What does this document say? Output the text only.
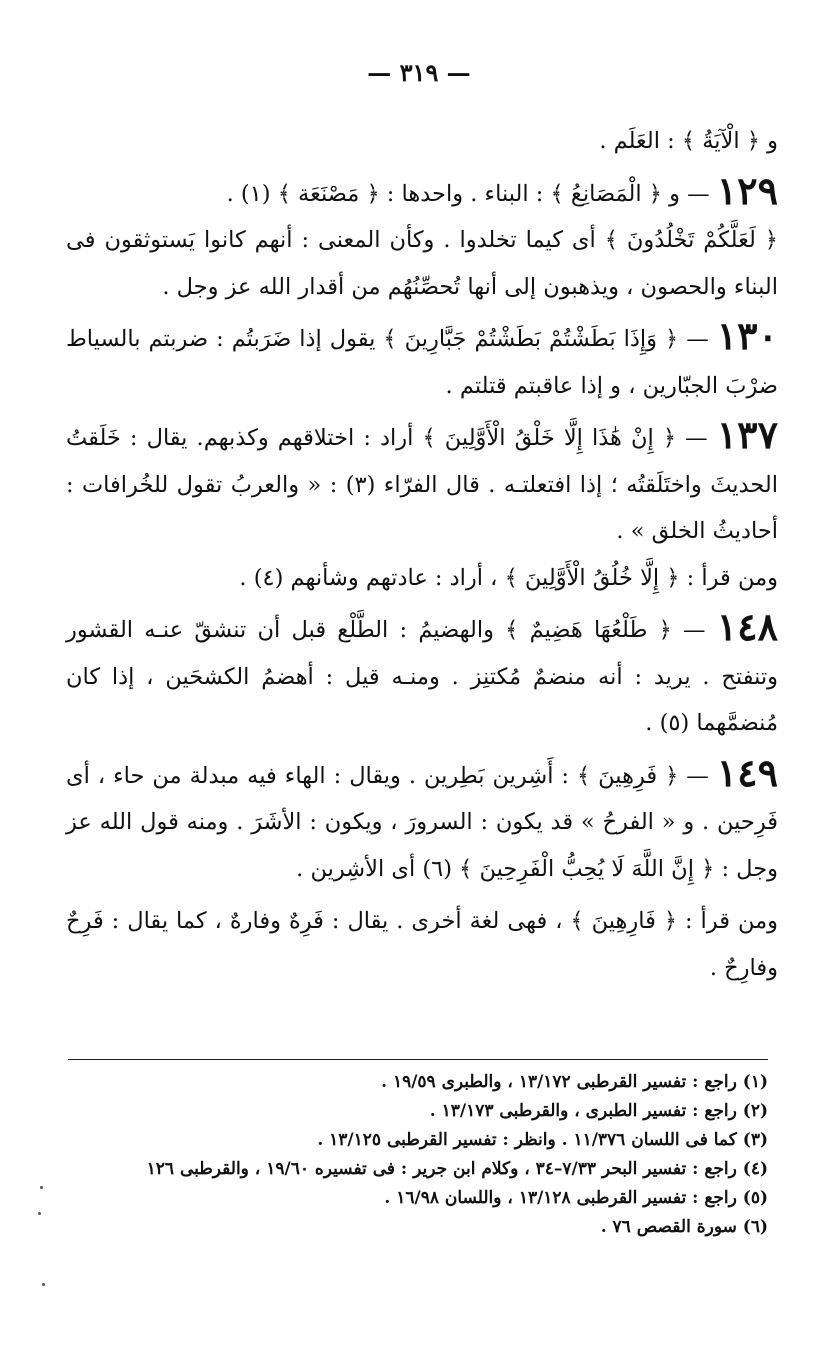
— ٣١٩ —

و ﴿ الْآيَةُ ﴾ : العَلَم .

١٢٩ — و ﴿ الْمَصَانِعُ ﴾ : البناء . واحدها : ﴿ مَصْنَعَة ﴾ (١) .

﴿ لَعَلَّكُمْ تَخْلُدُونَ ﴾ أى كيما تخلدوا . وكأن المعنى : أنهم كانوا يَستوثقون فى البناء والحصون ، ويذهبون إلى أنها تُحصِّنُهُم من أقدار الله عز وجل .

١٣٠ — ﴿ وَإِذَا بَطَشْتُمْ بَطَشْتُمْ جَبَّارِينَ ﴾ يقول إذا ضَرَبتُم : ضربتم بالسياط ضرْبَ الجبّارين ، و إذا عاقبتم قتلتم .

١٣٧ — ﴿ إِنْ هَٰذَا إِلَّا خَلْقُ الْأَوَّلِينَ ﴾ أراد : اختلاقهم وكذبهم. يقال : خَلَقتُ الحديثَ واختَلَقتُه ؛ إذا افتعلتـه . قال الفرّاء (٣) : « والعربُ تقول للخُرافات : أحاديثُ الخلق » .

ومن قرأ : ﴿ إِلَّا خُلُقُ الْأَوَّلِينَ ﴾ ، أراد : عادتهم وشأنهم (٤) .

١٤٨ — ﴿ طَلْعُهَا هَضِيمٌ ﴾ والهضيمُ : الطَّلْع قبل أن تنشقّ عنـه القشور وتنفتح . يريد : أنه منضمٌ مُكتنِز . ومنـه قيل : أهضمُ الكشحَين ، إذا كان مُنضمَّهما (٥) .

١٤٩ — ﴿ فَرِهِينَ ﴾ : أَشِرين بَطِرين . ويقال : الهاء فيه مبدلة من حاء ، أى فَرِحين . و « الفرحُ » قد يكون : السرورَ ، ويكون : الأشَرَ . ومنه قول الله عز وجل : ﴿ إِنَّ اللَّهَ لَا يُحِبُّ الْفَرِحِينَ ﴾ (٦) أى الأشِرين .

ومن قرأ : ﴿ فَارِهِينَ ﴾ ، فهى لغة أخرى . يقال : فَرِهٌ وفارهٌ ، كما يقال : فَرِحٌ وفارِحٌ .

(١) راجع : تفسير القرطبى ١٣/١٧٢ ، والطبرى ١٩/٥٩ .
(٢) راجع : تفسير الطبرى ، والقرطبى ١٣/١٧٣ .
(٣) كما فى اللسان ١١/٣٧٦ . وانظر : تفسير القرطبى ١٣/١٢٥ .
(٤) راجع : تفسير البحر ٧/٣٣–٣٤ ، وكلام ابن جرير : فى تفسيره ١٩/٦٠ ، والقرطبى ١٢٦
(٥) راجع : تفسير القرطبى ١٣/١٢٨ ، واللسان ١٦/٩٨ .
(٦) سورة القصص ٧٦ .
